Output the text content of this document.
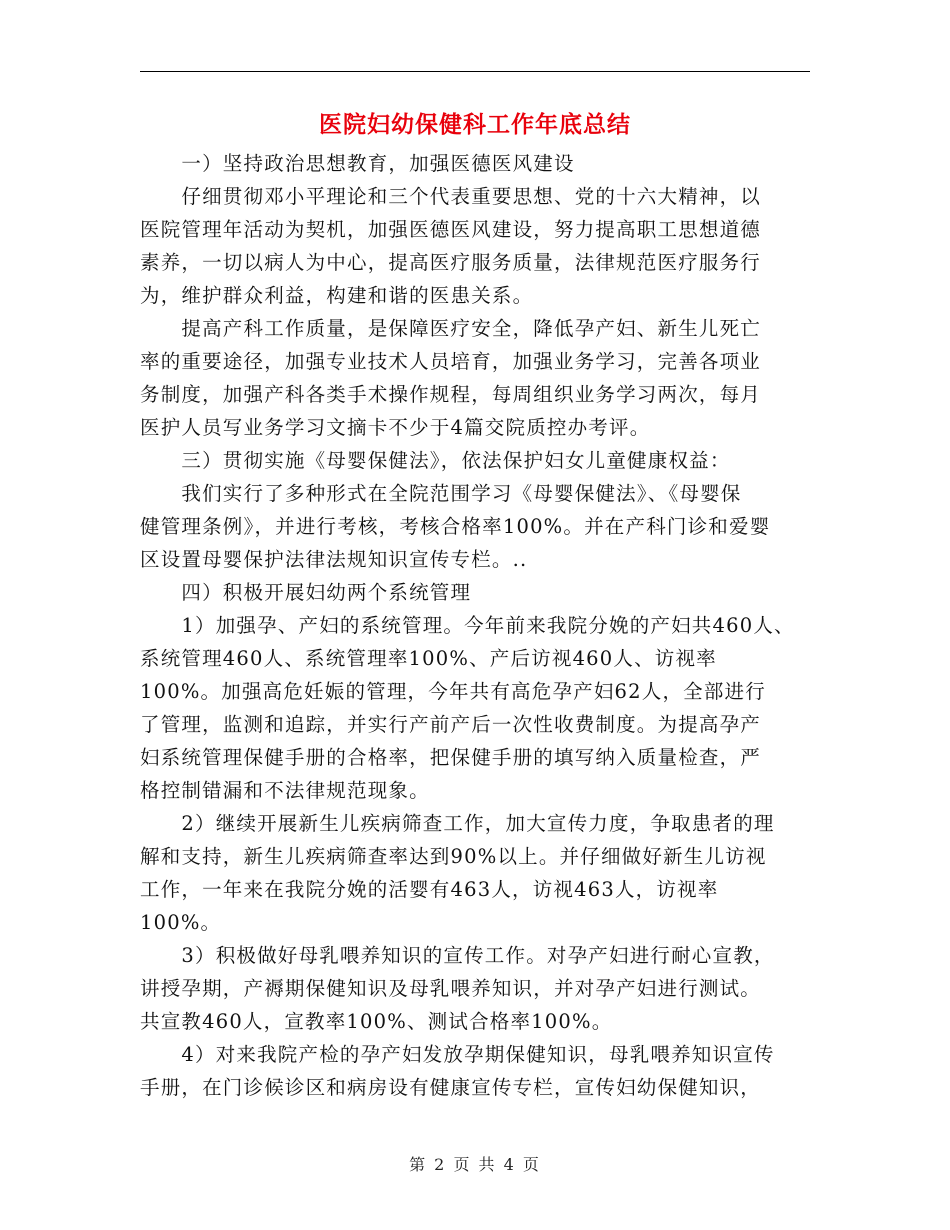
医院妇幼保健科工作年底总结
　　一）坚持政治思想教育，加强医德医风建设
　　仔细贯彻邓小平理论和三个代表重要思想、党的十六大精神，以
医院管理年活动为契机，加强医德医风建设，努力提高职工思想道德
素养，一切以病人为中心，提高医疗服务质量，法律规范医疗服务行
为，维护群众利益，构建和谐的医患关系。
　　提高产科工作质量，是保障医疗安全，降低孕产妇、新生儿死亡
率的重要途径，加强专业技术人员培育，加强业务学习，完善各项业
务制度，加强产科各类手术操作规程，每周组织业务学习两次，每月
医护人员写业务学习文摘卡不少于4篇交院质控办考评。
　　三）贯彻实施《母婴保健法》，依法保护妇女儿童健康权益：
　　我们实行了多种形式在全院范围学习《母婴保健法》、《母婴保
健管理条例》，并进行考核，考核合格率100%。并在产科门诊和爱婴
区设置母婴保护法律法规知识宣传专栏。..
　　四）积极开展妇幼两个系统管理
　　1）加强孕、产妇的系统管理。今年前来我院分娩的产妇共460人、
系统管理460人、系统管理率100%、产后访视460人、访视率
100%。加强高危妊娠的管理，今年共有高危孕产妇62人，全部进行
了管理，监测和追踪，并实行产前产后一次性收费制度。为提高孕产
妇系统管理保健手册的合格率，把保健手册的填写纳入质量检查，严
格控制错漏和不法律规范现象。
　　2）继续开展新生儿疾病筛查工作，加大宣传力度，争取患者的理
解和支持，新生儿疾病筛查率达到90%以上。并仔细做好新生儿访视
工作，一年来在我院分娩的活婴有463人，访视463人，访视率
100%。
　　3）积极做好母乳喂养知识的宣传工作。对孕产妇进行耐心宣教，
讲授孕期，产褥期保健知识及母乳喂养知识，并对孕产妇进行测试。
共宣教460人，宣教率100%、测试合格率100%。
　　4）对来我院产检的孕产妇发放孕期保健知识，母乳喂养知识宣传
手册，在门诊候诊区和病房设有健康宣传专栏，宣传妇幼保健知识，
第 2 页 共 4 页
